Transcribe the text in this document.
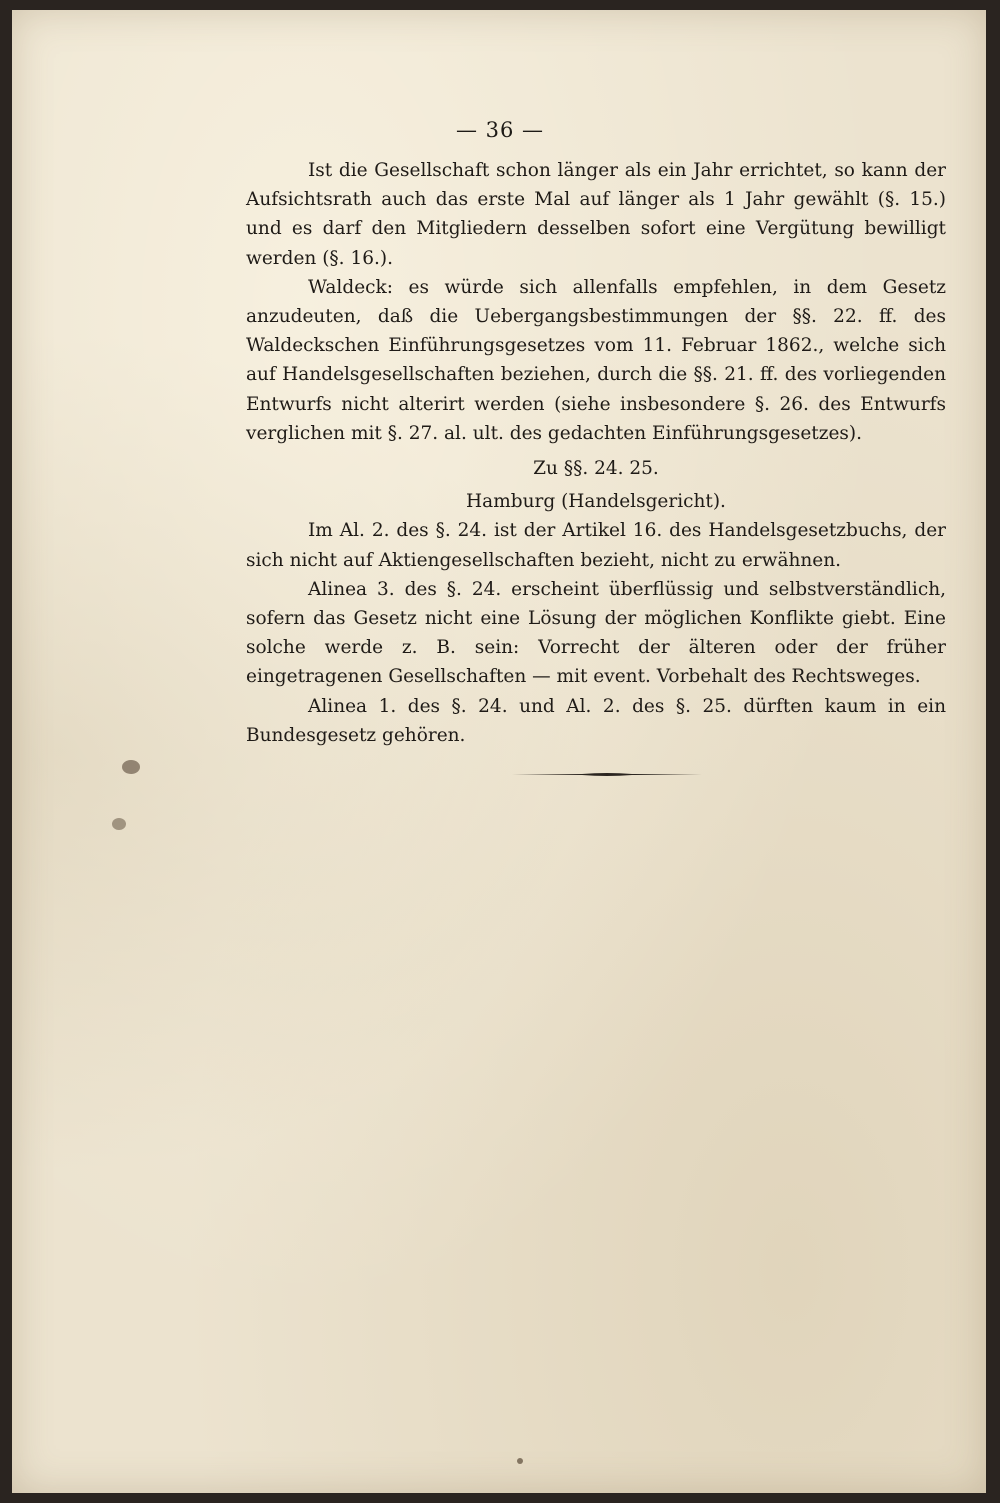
— 36 —

Ist die Gesellschaft schon länger als ein Jahr errichtet, so kann der Aufsichtsrath auch das erste Mal auf länger als 1 Jahr gewählt (§. 15.) und es darf den Mitgliedern desselben sofort eine Vergütung bewilligt werden (§. 16.).

Waldeck: es würde sich allenfalls empfehlen, in dem Gesetz anzudeuten, daß die Uebergangsbestimmungen der §§. 22. ff. des Waldeckschen Einführungsgesetzes vom 11. Februar 1862., welche sich auf Handelsgesellschaften beziehen, durch die §§. 21. ff. des vorliegenden Entwurfs nicht alterirt werden (siehe insbesondere §. 26. des Entwurfs verglichen mit §. 27. al. ult. des gedachten Einführungsgesetzes).

Zu §§. 24. 25.

Hamburg (Handelsgericht).

Im Al. 2. des §. 24. ist der Artikel 16. des Handelsgesetzbuchs, der sich nicht auf Aktiengesellschaften bezieht, nicht zu erwähnen.

Alinea 3. des §. 24. erscheint überflüssig und selbstverständlich, sofern das Gesetz nicht eine Lösung der möglichen Konflikte giebt. Eine solche werde z. B. sein: Vorrecht der älteren oder der früher eingetragenen Gesellschaften — mit event. Vorbehalt des Rechtsweges.

Alinea 1. des §. 24. und Al. 2. des §. 25. dürften kaum in ein Bundesgesetz gehören.
